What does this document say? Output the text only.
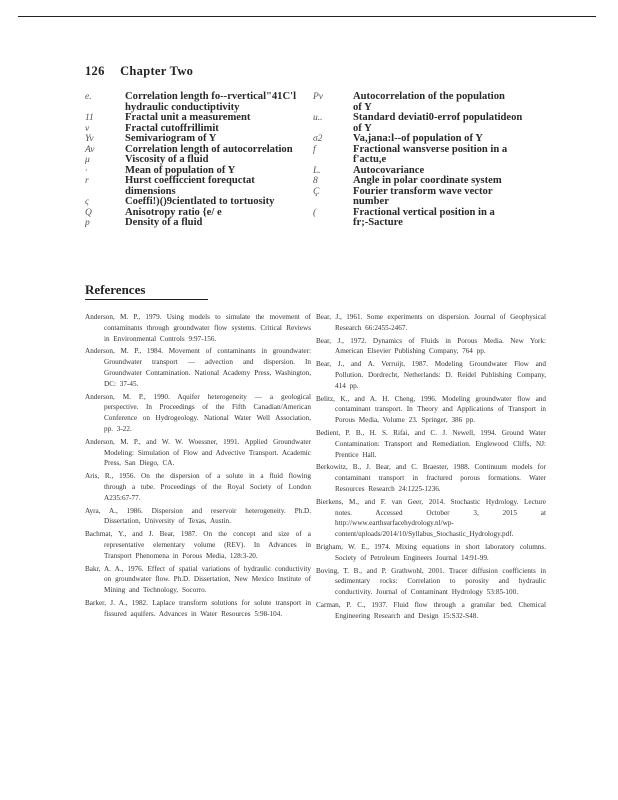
126 Chapter Two
e.	Correlation length fo--rvertical"41C'l
hydraulic conductiptivity
11	Fractal unit a measurement
v	Fractal cutoffrillimit
Yv	Semivariogram of Y
Av	Correlation length of autocorrelation
μ	Viscosity of a fluid
·	Mean of population of Y
r	Hurst coefficcient forequctat
dimensions
ς	Coeffi!)()9cientlated to tortuosity
Q	Anisotropy ratio {e/ e
p	Density of a fluid
Pv	Autocorrelation of the population
of Y
u..	Standard deviati0-errof populatideon
of Y
σ2	Va,jana:l--of population of Y
f	Fractional wansverse position in a
f'actu,e
L.	Autocovariance
8	Angle in polar coordinate system
Ç	Fourier transform wave vector
number
(	Fractional vertical position in a
fr;-Sacture
References
Anderson, M. P., 1979. Using models to simulate the movement of contaminants through groundwater flow systems. Critical Reviews in Environmental Controls 9:97-156.
Anderson, M. P., 1984. Movement of contaminants in groundwater: Groundwater transport — advection and dispersion. In Groundwater Contamination. National Academy Press, Washington, DC: 37-45.
Anderson, M. P., 1990. Aquifer heterogeneity — a geological perspective. In Proceedings of the Fifth Canadian/American Conference on Hydrogeology. National Water Well Association, pp. 3-22.
Anderson, M. P., and W. W. Woessner, 1991. Applied Groundwater Modeling: Simulation of Flow and Advective Transport. Academic Press, San Diego, CA.
Aris, R., 1956. On the dispersion of a solute in a fluid flowing through a tube. Proceedings of the Royal Society of London A235:67-77.
Ayra, A., 1986. Dispersion and reservoir heterogeneity. Ph.D. Dissertation, University of Texas, Austin.
Bachmat, Y., and J. Bear, 1987. On the concept and size of a representative elementary volume (REV). In Advances in Transport Phenomena in Porous Media, 128:3-20.
Bakr, A. A., 1976. Effect of spatial variations of hydraulic conductivity on groundwater flow. Ph.D. Dissertation, New Mexico Institute of Mining and Technology, Socorro.
Barker, J. A., 1982. Laplace transform solutions for solute transport in fissured aquifers. Advances in Water Resources 5:98-104.
Bear, J., 1961. Some experiments on dispersion. Journal of Geophysical Research 66:2455-2467.
Bear, J., 1972. Dynamics of Fluids in Porous Media. New York: American Elsevier Publishing Company, 764 pp.
Bear, J., and A. Verruijt, 1987. Modeling Groundwater Flow and Pollution. Dordrecht, Netherlands: D. Reidel Publishing Company, 414 pp.
Belitz, K., and A. H. Cheng, 1996. Modeling groundwater flow and contaminant transport. In Theory and Applications of Transport in Porous Media, Volume 23. Springer, 386 pp.
Bedient, P. B., H. S. Rifai, and C. J. Newell, 1994. Ground Water Contamination: Transport and Remediation. Englewood Cliffs, NJ: Prentice Hall.
Berkowitz, B., J. Bear, and C. Braester, 1988. Continuum models for contaminant transport in fractured porous formations. Water Resources Research 24:1225-1236.
Bierkens, M., and F. van Geer, 2014. Stochastic Hydrology. Lecture notes. Accessed October 3, 2015 at http://www.earthsurfacehydrology.nl/wp-content/uploads/2014/10/Syllabus_Stochastic_Hydrology.pdf.
Brigham, W. E., 1974. Mixing equations in short laboratory columns. Society of Petroleum Engineers Journal 14:91-99.
Boving, T. B., and P. Grathwohl, 2001. Tracer diffusion coefficients in sedimentary rocks: Correlation to porosity and hydraulic conductivity. Journal of Contaminant Hydrology 53:85-100.
Carman, P. C., 1937. Fluid flow through a granular bed. Chemical Engineering Research and Design 15:S32-S48.
